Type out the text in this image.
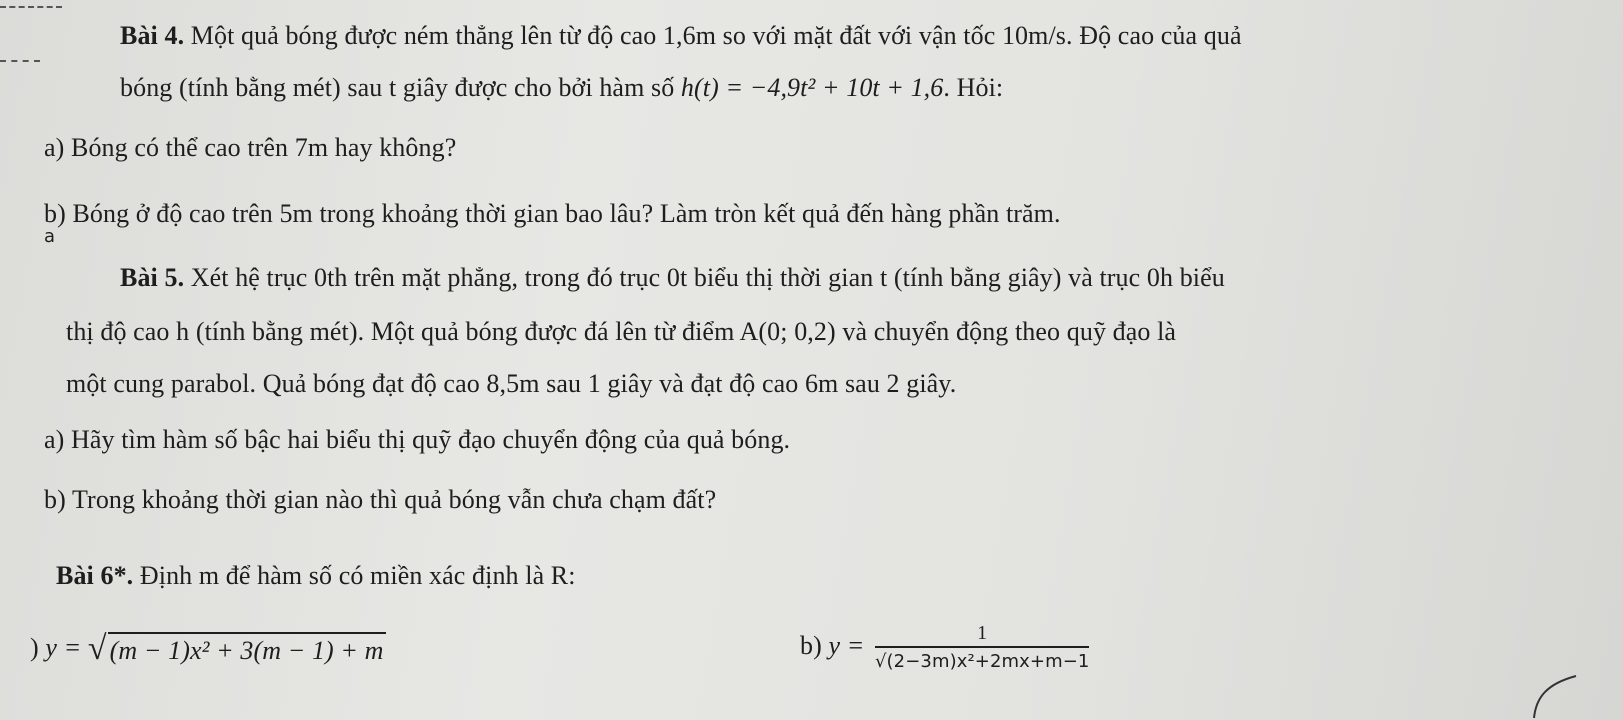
Bài 4. Một quả bóng được ném thẳng lên từ độ cao 1,6m so với mặt đất với vận tốc 10m/s. Độ cao của quả
bóng (tính bằng mét) sau t giây được cho bởi hàm số h(t) = −4,9t² + 10t + 1,6. Hỏi:
a) Bóng có thể cao trên 7m hay không?
b) Bóng ở độ cao trên 5m trong khoảng thời gian bao lâu? Làm tròn kết quả đến hàng phần trăm.
a
Bài 5. Xét hệ trục 0th trên mặt phẳng, trong đó trục 0t biểu thị thời gian t (tính bằng giây) và trục 0h biểu
thị độ cao h (tính bằng mét). Một quả bóng được đá lên từ điểm A(0; 0,2) và chuyển động theo quỹ đạo là
một cung parabol. Quả bóng đạt độ cao 8,5m sau 1 giây và đạt độ cao 6m sau 2 giây.
a) Hãy tìm hàm số bậc hai biểu thị quỹ đạo chuyển động của quả bóng.
b) Trong khoảng thời gian nào thì quả bóng vẫn chưa chạm đất?
Bài 6*. Định m để hàm số có miền xác định là R:
) y = √ (m − 1)x² + 3(m − 1) + m	b) $y = \frac{1}{\text{√(2−3m)x²+2mx+m−1}}$
